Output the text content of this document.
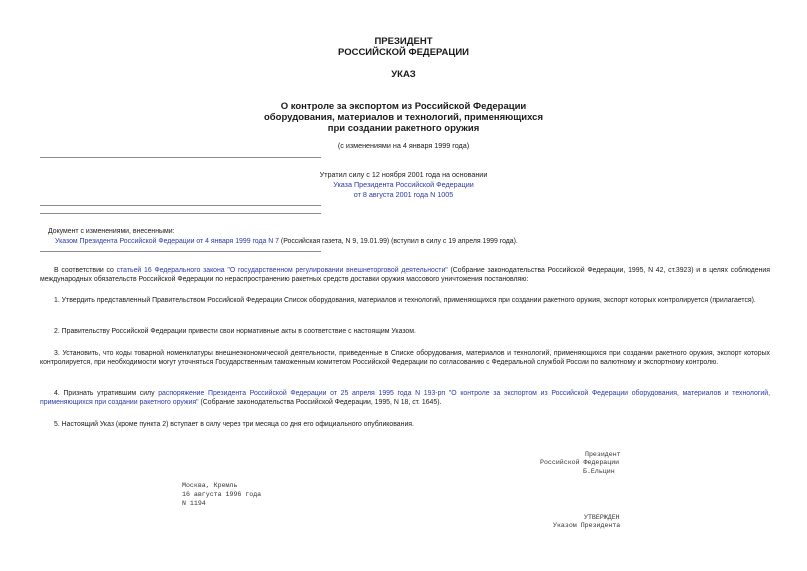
ПРЕЗИДЕНТ
РОССИЙСКОЙ ФЕДЕРАЦИИ
УКАЗ
О контроле за экспортом из Российской Федерации
оборудования, материалов и технологий, применяющихся
при создании ракетного оружия
(с изменениями на 4 января 1999 года)
Утратил силу с 12 ноября 2001 года на основании
Указа Президента Российской Федерации
от 8 августа 2001 года N 1005
Документ с изменениями, внесенными:
Указом Президента Российской Федерации от 4 января 1999 года N 7 (Российская газета, N 9, 19.01.99) (вступил в силу с 19 апреля 1999 года).
В соответствии со статьей 16 Федерального закона "О государственном регулировании внешнеторговой деятельности" (Собрание законодательства Российской Федерации, 1995, N 42, ст.3923) и в целях соблюдения международных обязательств Российской Федерации по нераспространению ракетных средств доставки оружия массового уничтожения постановляю:
1. Утвердить представленный Правительством Российской Федерации Список оборудования, материалов и технологий, применяющихся при создании ракетного оружия, экспорт которых контролируется (прилагается).
2. Правительству Российской Федерации привести свои нормативные акты в соответствие с настоящим Указом.
3. Установить, что коды товарной номенклатуры внешнеэкономической деятельности, приведенные в Списке оборудования, материалов и технологий, применяющихся при создании ракетного оружия, экспорт которых контролируется, при необходимости могут уточняться Государственным таможенным комитетом Российской Федерации по согласованию с Федеральной службой России по валютному и экспортному контролю.
4. Признать утратившим силу распоряжение Президента Российской Федерации от 25 апреля 1995 года N 193-рп "О контроле за экспортом из Российской Федерации оборудования, материалов и технологий, применяющихся при создании ракетного оружия" (Собрание законодательства Российской Федерации, 1995, N 18, ст. 1645).
5. Настоящий Указ (кроме пункта 2) вступает в силу через три месяца со дня его официального опубликования.
Президент
Российской Федерации
Б.Ельцин
Москва, Кремль
16 августа 1996 года
N 1194
УТВЕРЖДЕН
Указом Президента
